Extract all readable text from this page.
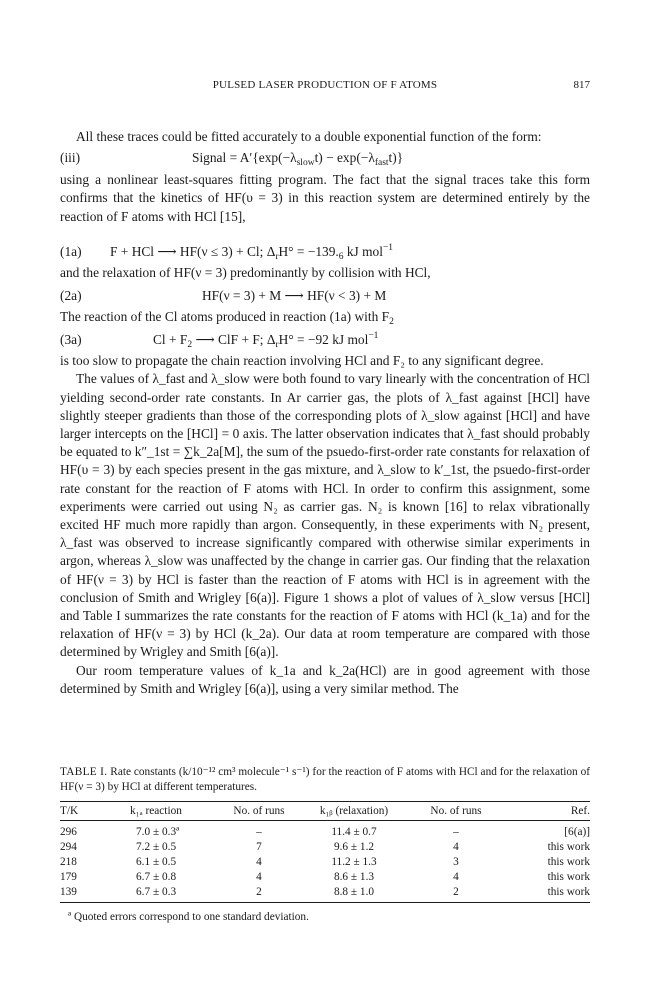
PULSED LASER PRODUCTION OF F ATOMS	817

All these traces could be fitted accurately to a double exponential function of the form:

(iii)	Signal = $A'\{\exp(-\lambda_{slow}t) - \exp(-\lambda_{fast}t)\}$

using a nonlinear least-squares fitting program. The fact that the signal traces take this form confirms that the kinetics of HF(υ = 3) in this reaction system are determined entirely by the reaction of F atoms with HCl [15],

(1a) F + HCl ⟶ HF(ν ≤ 3) + Cl; $\Delta_rH^\circ = -139._6$ kJ mol$^{-1}$

and the relaxation of HF(ν = 3) predominantly by collision with HCl,

(2a)	HF(ν = 3) + M ⟶ HF(ν < 3) + M

The reaction of the Cl atoms produced in reaction (1a) with $F_2$

(3a)	$Cl + F_2$ ⟶ ClF + F; $\Delta_rH^\circ = -92$ kJ mol$^{-1}$

is too slow to propagate the chain reaction involving HCl and F₂ to any significant degree.

The values of λ_fast and λ_slow were both found to vary linearly with the concentration of HCl yielding second-order rate constants. In Ar carrier gas, the plots of λ_fast against [HCl] have slightly steeper gradients than those of the corresponding plots of λ_slow against [HCl] and have larger intercepts on the [HCl] = 0 axis. The latter observation indicates that λ_fast should probably be equated to k″_1st = ∑k_2a[M], the sum of the psuedo-first-order rate constants for relaxation of HF(υ = 3) by each species present in the gas mixture, and λ_slow to k′_1st, the psuedo-first-order rate constant for the reaction of F atoms with HCl. In order to confirm this assignment, some experiments were carried out using N₂ as carrier gas. N₂ is known [16] to relax vibrationally excited HF much more rapidly than argon. Consequently, in these experiments with N₂ present, λ_fast was observed to increase significantly compared with otherwise similar experiments in argon, whereas λ_slow was unaffected by the change in carrier gas. Our finding that the relaxation of HF(ν = 3) by HCl is faster than the reaction of F atoms with HCl is in agreement with the conclusion of Smith and Wrigley [6(a)]. Figure 1 shows a plot of values of λ_slow versus [HCl] and Table I summarizes the rate constants for the reaction of F atoms with HCl (k_1a) and for the relaxation of HF(ν = 3) by HCl (k_2a). Our data at room temperature are compared with those determined by Wrigley and Smith [6(a)].

Our room temperature values of k_1a and k_2a(HCl) are in good agreement with those determined by Smith and Wrigley [6(a)], using a very similar method. The

TABLE I. Rate constants (k/10⁻¹² cm³ molecule⁻¹ s⁻¹) for the reaction of F atoms with HCl and for the relaxation of HF(ν = 3) by HCl at different temperatures.
T/K	k₁ₐ reaction	No. of runs	k₁ᵦ (relaxation)	No. of runs	Ref.
296	7.0 ± 0.3ª	–	11.4 ± 0.7	–	[6(a)]
294	7.2 ± 0.5	7	9.6 ± 1.2	4	this work
218	6.1 ± 0.5	4	11.2 ± 1.3	3	this work
179	6.7 ± 0.8	4	8.6 ± 1.3	4	this work
139	6.7 ± 0.3	2	8.8 ± 1.0	2	this work
ª Quoted errors correspond to one standard deviation.
